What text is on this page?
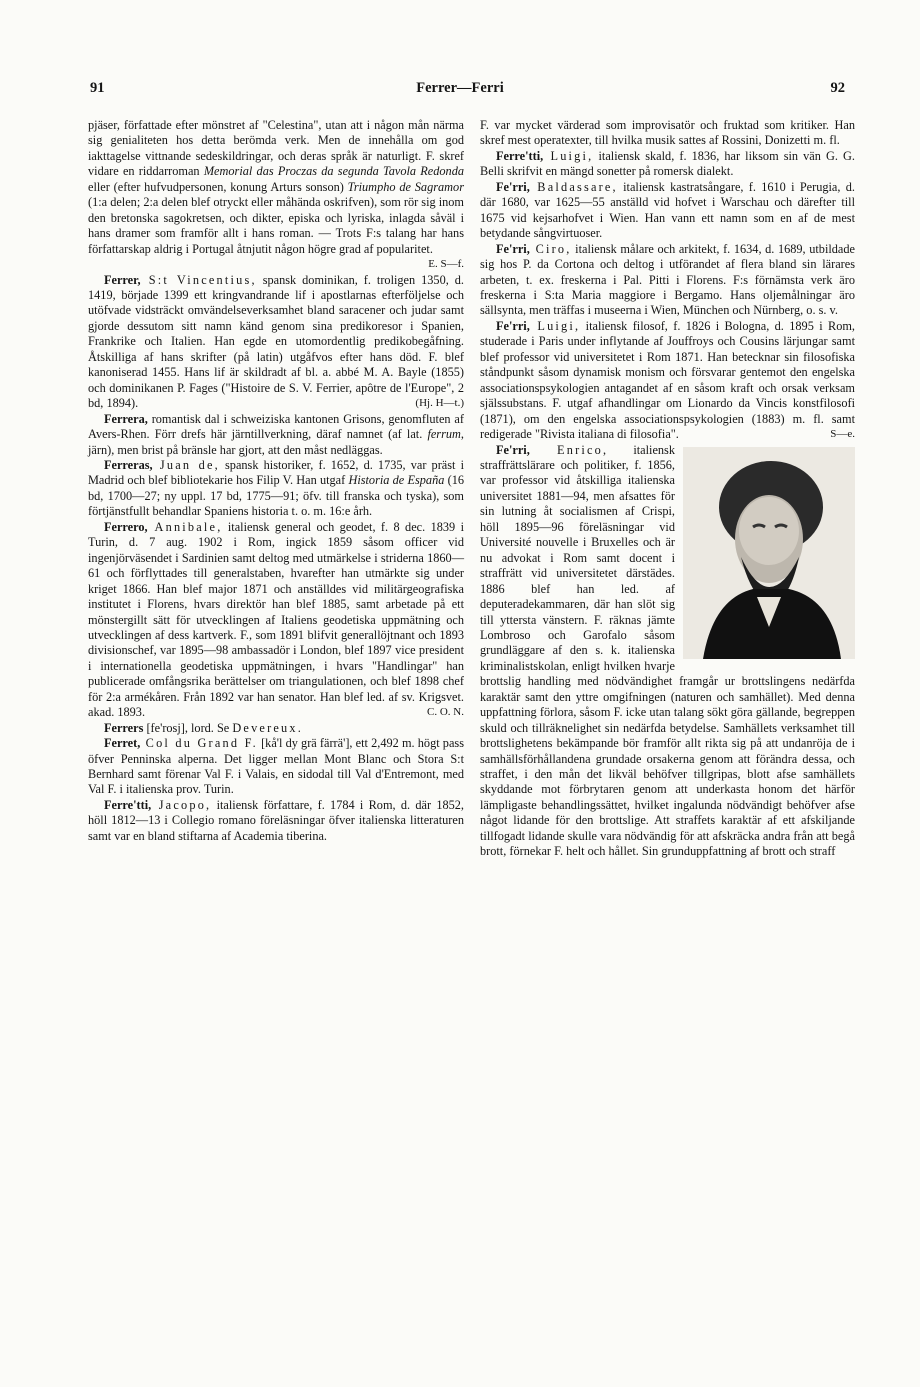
91	Ferrer—Ferri	92

pjäser, författade efter mönstret af "Celestina", utan att i någon mån närma sig genialiteten hos detta berömda verk. Men de innehålla om god iakttagelse vittnande sedeskildringar, och deras språk är naturligt. F. skref vidare en riddarroman Memorial das Proczas da segunda Tavola Redonda eller (efter hufvudpersonen, konung Arturs sonson) Triumpho de Sagramor (1:a delen; 2:a delen blef otryckt eller måhända oskrifven), som rör sig inom den bretonska sagokretsen, och dikter, episka och lyriska, inlagda såväl i hans dramer som framför allt i hans roman. — Trots F:s talang har hans författarskap aldrig i Portugal åtnjutit någon högre grad af popularitet.
E. S—f.

Ferrer, S:t Vincentius, spansk dominikan, f. troligen 1350, d. 1419, började 1399 ett kringvandrande lif i apostlarnas efterföljelse och utöfvade vidsträckt omvändelseverksamhet bland saracener och judar samt gjorde dessutom sitt namn känd genom sina predikoresor i Spanien, Frankrike och Italien. Han egde en utomordentlig predikobegåfning. Åtskilliga af hans skrifter (på latin) utgåfvos efter hans död. F. blef kanoniserad 1455. Hans lif är skildradt af bl. a. abbé M. A. Bayle (1855) och dominikanen P. Fages ("Histoire de S. V. Ferrier, apôtre de l'Europe", 2 bd, 1894).	(Hj. H—t.)

Ferrera, romantisk dal i schweiziska kantonen Grisons, genomfluten af Avers-Rhen. Förr drefs här järntillverkning, däraf namnet (af lat. ferrum, järn), men brist på bränsle har gjort, att den måst nedläggas.

Ferreras, Juan de, spansk historiker, f. 1652, d. 1735, var präst i Madrid och blef bibliotekarie hos Filip V. Han utgaf Historia de España (16 bd, 1700—27; ny uppl. 17 bd, 1775—91; öfv. till franska och tyska), som förtjänstfullt behandlar Spaniens historia t. o. m. 16:e årh.

Ferrero, Annibale, italiensk general och geodet, f. 8 dec. 1839 i Turin, d. 7 aug. 1902 i Rom, ingick 1859 såsom officer vid ingenjörväsendet i Sardinien samt deltog med utmärkelse i striderna 1860—61 och förflyttades till generalstaben, hvarefter han utmärkte sig under kriget 1866. Han blef major 1871 och anställdes vid militärgeografiska institutet i Florens, hvars direktör han blef 1885, samt arbetade på ett mönstergillt sätt för utvecklingen af Italiens geodetiska uppmätning och utvecklingen af dess kartverk. F., som 1891 blifvit generallöjtnant och 1893 divisionschef, var 1895—98 ambassadör i London, blef 1897 vice president i internationella geodetiska uppmätningen, i hvars "Handlingar" han publicerade omfångsrika berättelser om triangulationen, och blef 1898 chef för 2:a armékåren. Från 1892 var han senator. Han blef led. af sv. Krigsvet. akad. 1893.	C. O. N.

Ferrers [fe'rosj], lord. Se Devereux.

Ferret, Col du Grand F. [kå'l dy grä färrä'], ett 2,492 m. högt pass öfver Penninska alperna. Det ligger mellan Mont Blanc och Stora S:t Bernhard samt förenar Val F. i Valais, en sidodal till Val d'Entremont, med Val F. i italienska prov. Turin.

Ferre'tti, Jacopo, italiensk författare, f. 1784 i Rom, d. där 1852, höll 1812—13 i Collegio romano föreläsningar öfver italienska litteraturen samt var en bland stiftarna af Academia tiberina.

F. var mycket värderad som improvisatör och fruktad som kritiker. Han skref mest operatexter, till hvilka musik sattes af Rossini, Donizetti m. fl.

Ferre'tti, Luigi, italiensk skald, f. 1836, har liksom sin vän G. G. Belli skrifvit en mängd sonetter på romersk dialekt.

Fe'rri, Baldassare, italiensk kastratsångare, f. 1610 i Perugia, d. där 1680, var 1625—55 anställd vid hofvet i Warschau och därefter till 1675 vid kejsarhofvet i Wien. Han vann ett namn som en af de mest betydande sångvirtuoser.

Fe'rri, Ciro, italiensk målare och arkitekt, f. 1634, d. 1689, utbildade sig hos P. da Cortona och deltog i utförandet af flera bland sin lärares arbeten, t. ex. freskerna i Pal. Pitti i Florens. F:s förnämsta verk äro freskerna i S:ta Maria maggiore i Bergamo. Hans oljemålningar äro sällsynta, men träffas i museerna i Wien, München och Nürnberg, o. s. v.

Fe'rri, Luigi, italiensk filosof, f. 1826 i Bologna, d. 1895 i Rom, studerade i Paris under inflytande af Jouffroys och Cousins lärjungar samt blef professor vid universitetet i Rom 1871. Han betecknar sin filosofiska ståndpunkt såsom dynamisk monism och försvarar gentemot den engelska associationspsykologien antagandet af en såsom kraft och orsak verksam själssubstans. F. utgaf afhandlingar om Lionardo da Vincis konstfilosofi (1871), om den engelska associationspsykologien (1883) m. fl. samt redigerade "Rivista italiana di filosofia".	S—e.

Fe'rri, Enrico, italiensk straffrättslärare och politiker, f. 1856, var professor vid åtskilliga italienska universitet 1881—94, men afsattes för sin lutning åt socialismen af Crispi, höll 1895—96 föreläsningar vid Université nouvelle i Bruxelles och är nu advokat i Rom samt docent i straffrätt vid universitetet därstädes. 1886 blef han led. af deputeradekammaren, där han slöt sig till yttersta vänstern. F. räknas jämte Lombroso och Garofalo såsom grundläggare af den s. k. italienska kriminalistskolan, enligt hvilken hvarje brottslig handling med nödvändighet framgår ur brottslingens nedärfda karaktär samt den yttre omgifningen (naturen och samhället). Med denna uppfattning förlora, såsom F. icke utan talang sökt göra gällande, begreppen skuld och tillräknelighet sin nedärfda betydelse. Samhällets verksamhet till brottslighetens bekämpande bör framför allt rikta sig på att undanröja de i samhällsförhållandena grundade orsakerna genom att förändra dessa, och straffet, i den mån det likväl behöfver tillgripas, blott afse samhällets skyddande mot förbrytaren genom att underkasta honom det härför lämpligaste behandlingssättet, hvilket ingalunda nödvändigt behöfver afse något lidande för den brottslige. Att straffets karaktär af ett afskiljande tillfogadt lidande skulle vara nödvändig för att afskräcka andra från att begå brott, förnekar F. helt och hållet. Sin grunduppfattning af brott och straff
